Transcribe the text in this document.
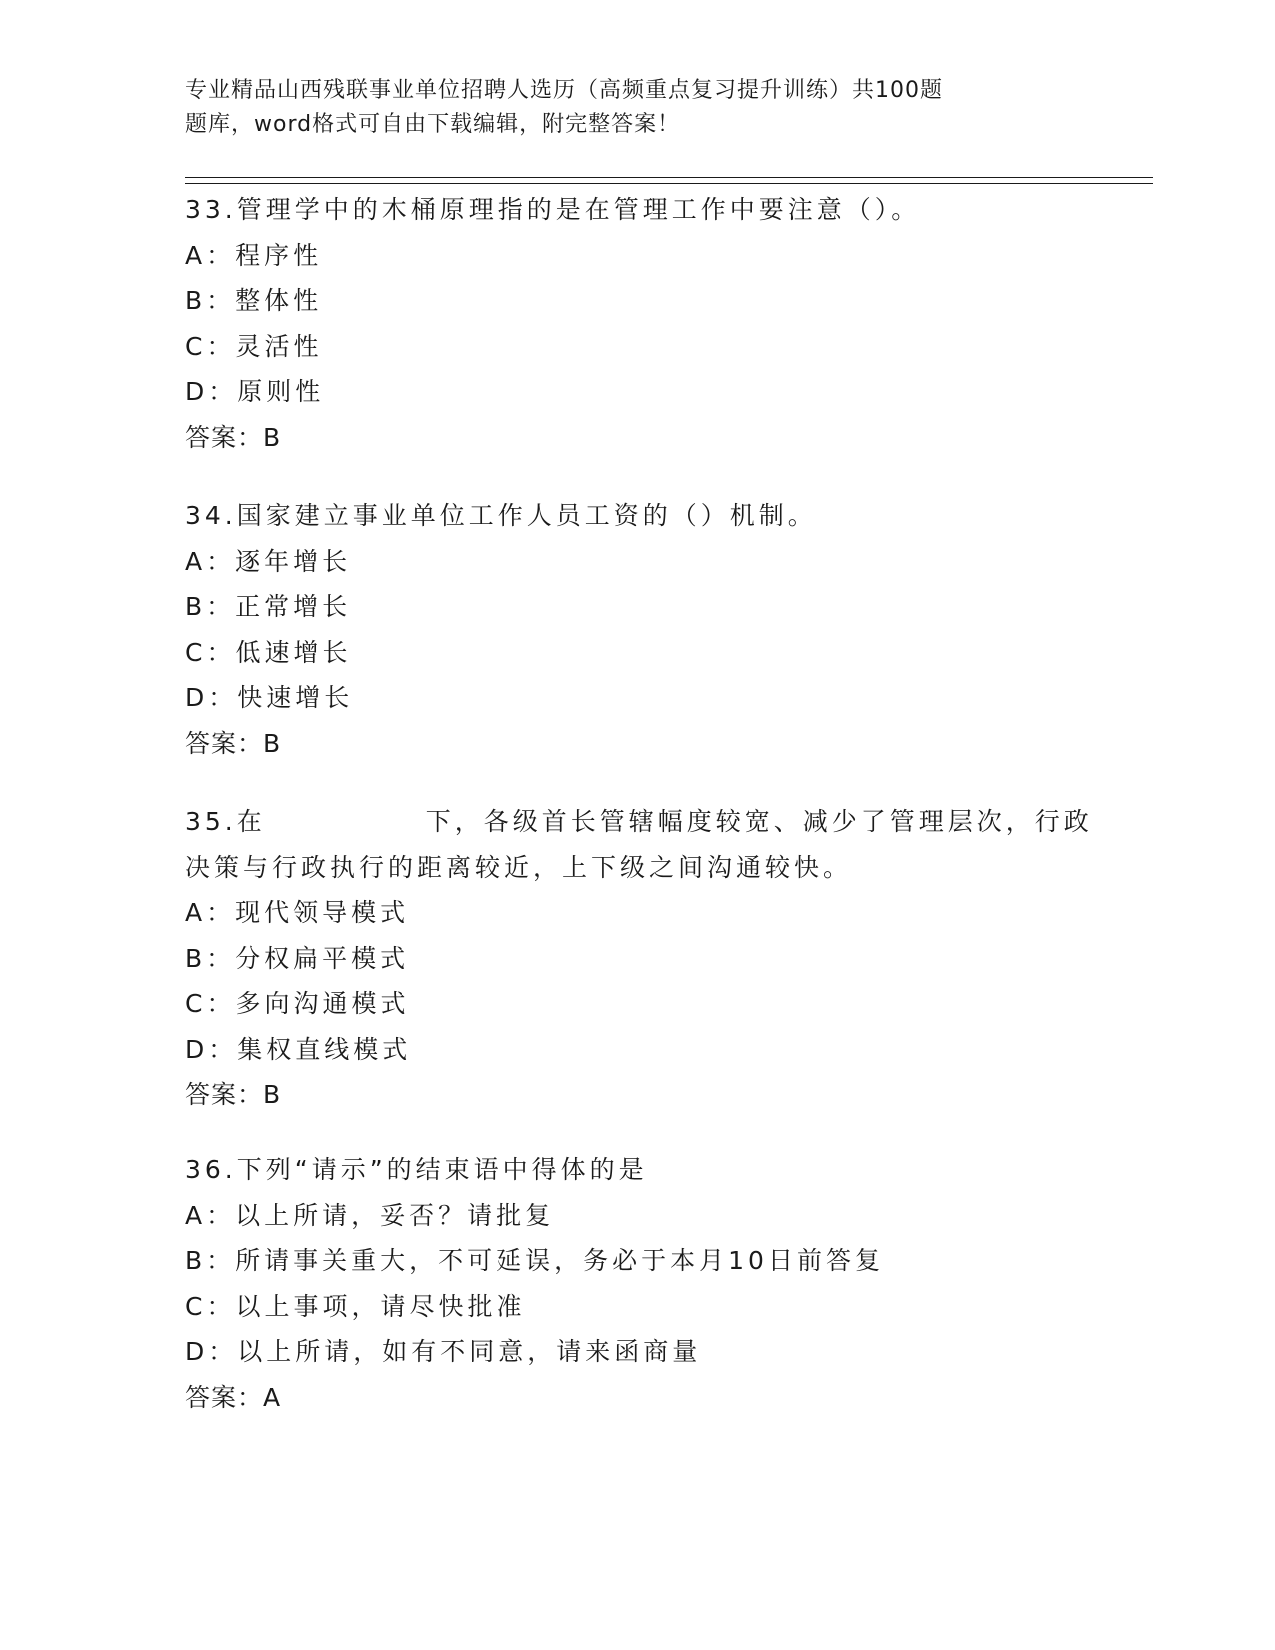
专业精品山西残联事业单位招聘人选历（高频重点复习提升训练）共100题
题库，word格式可自由下载编辑，附完整答案！
33.管理学中的木桶原理指的是在管理工作中要注意（）。
A：程序性
B：整体性
C：灵活性
D：原则性
答案：B
34.国家建立事业单位工作人员工资的（）机制。
A：逐年增长
B：正常增长
C：低速增长
D：快速增长
答案：B
35.在	下，各级首长管辖幅度较宽、减少了管理层次，行政
决策与行政执行的距离较近，上下级之间沟通较快。
A：现代领导模式
B：分权扁平模式
C：多向沟通模式
D：集权直线模式
答案：B
36.下列“请示”的结束语中得体的是
A：以上所请，妥否？请批复
B：所请事关重大，不可延误，务必于本月10日前答复
C：以上事项，请尽快批准
D：以上所请，如有不同意，请来函商量
答案：A
